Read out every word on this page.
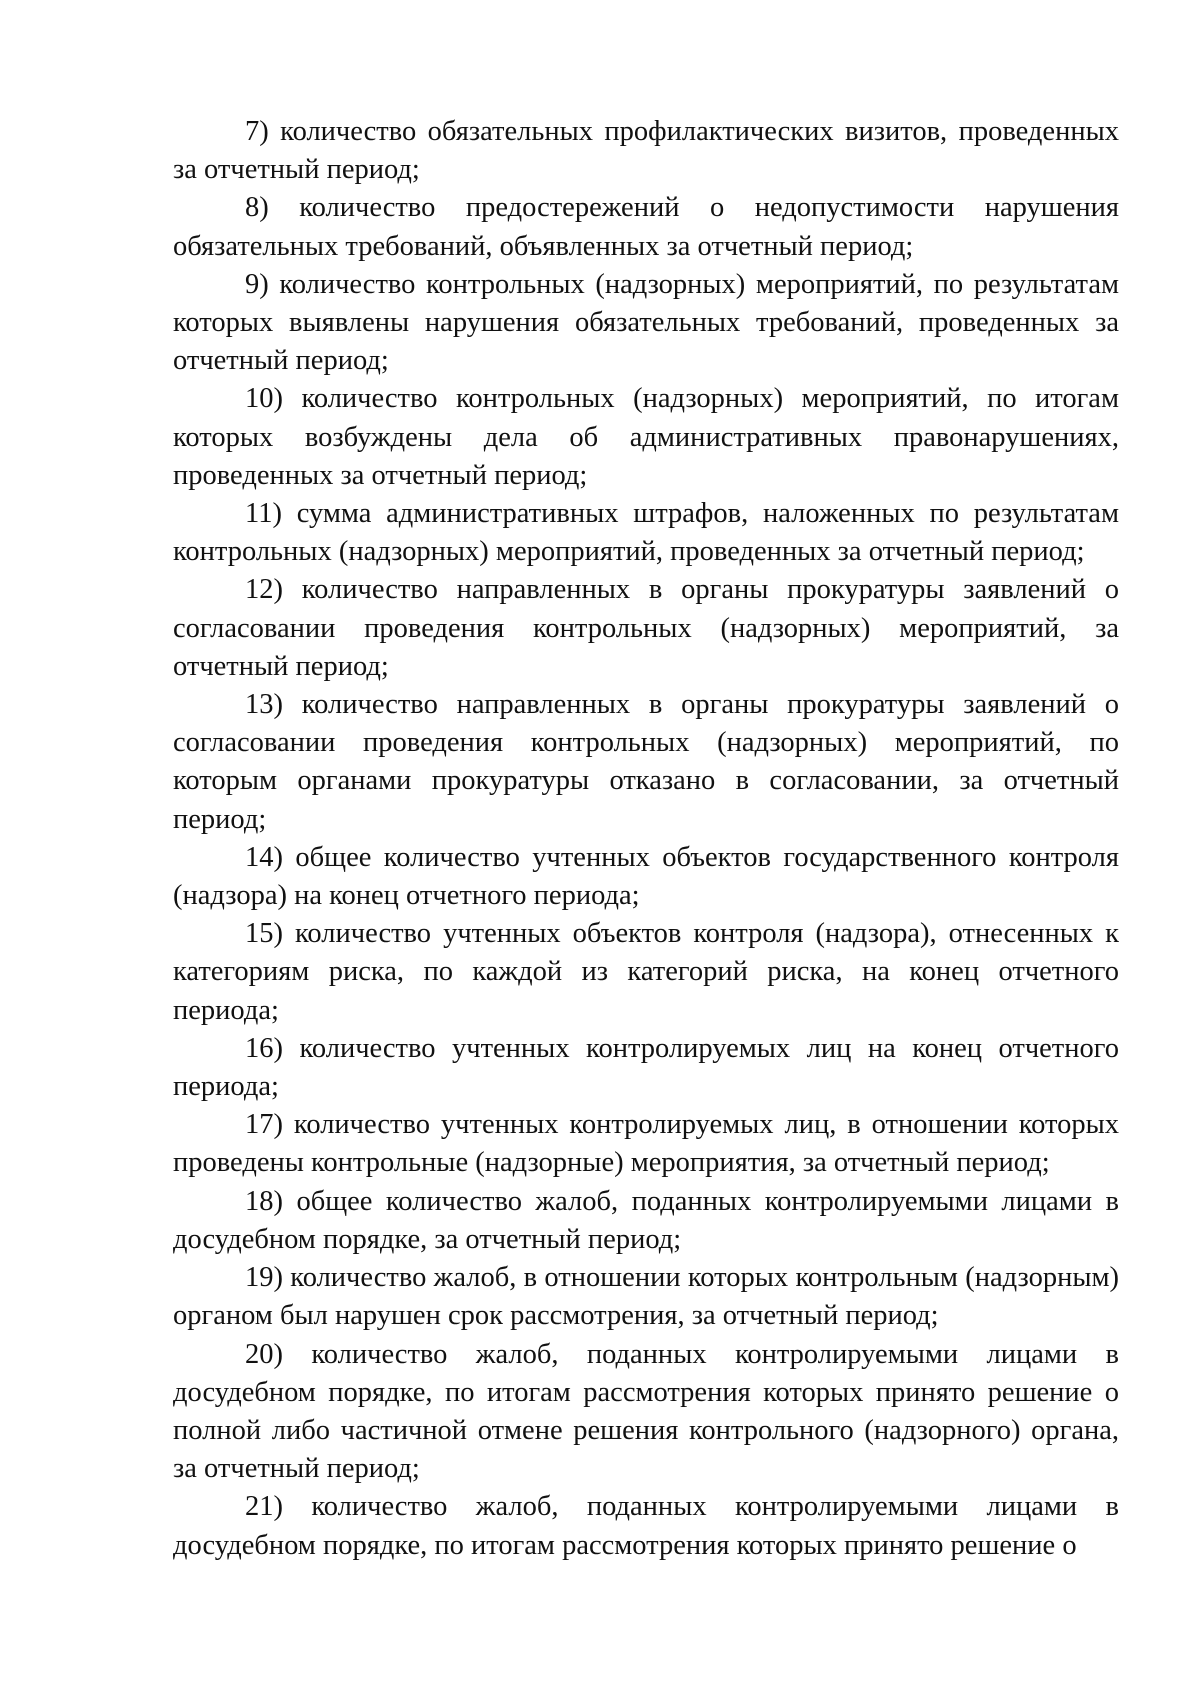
7) количество обязательных профилактических визитов, проведенных за отчетный период;

8) количество предостережений о недопустимости нарушения обязательных требований, объявленных за отчетный период;

9) количество контрольных (надзорных) мероприятий, по результатам которых выявлены нарушения обязательных требований, проведенных за отчетный период;

10) количество контрольных (надзорных) мероприятий, по итогам которых возбуждены дела об административных правонарушениях, проведенных за отчетный период;

11) сумма административных штрафов, наложенных по результатам контрольных (надзорных) мероприятий, проведенных за отчетный период;

12) количество направленных в органы прокуратуры заявлений о согласовании проведения контрольных (надзорных) мероприятий, за отчетный период;

13) количество направленных в органы прокуратуры заявлений о согласовании проведения контрольных (надзорных) мероприятий, по которым органами прокуратуры отказано в согласовании, за отчетный период;

14) общее количество учтенных объектов государственного контроля (надзора) на конец отчетного периода;

15) количество учтенных объектов контроля (надзора), отнесенных к категориям риска, по каждой из категорий риска, на конец отчетного периода;

16) количество учтенных контролируемых лиц на конец отчетного периода;

17) количество учтенных контролируемых лиц, в отношении которых проведены контрольные (надзорные) мероприятия, за отчетный период;

18) общее количество жалоб, поданных контролируемыми лицами в досудебном порядке, за отчетный период;

19) количество жалоб, в отношении которых контрольным (надзорным) органом был нарушен срок рассмотрения, за отчетный период;

20) количество жалоб, поданных контролируемыми лицами в досудебном порядке, по итогам рассмотрения которых принято решение о полной либо частичной отмене решения контрольного (надзорного) органа, за отчетный период;

21) количество жалоб, поданных контролируемыми лицами в досудебном порядке, по итогам рассмотрения которых принято решение о
